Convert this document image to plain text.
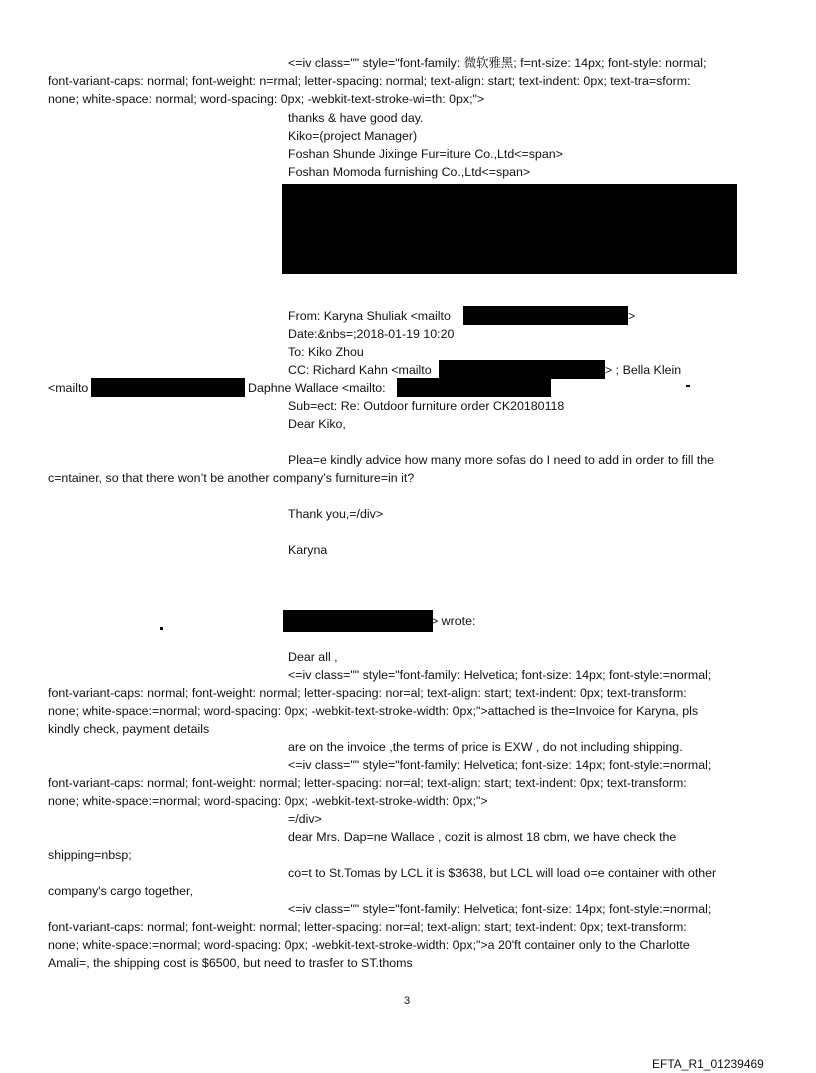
<=iv class="" style="font-family: 微软雅黑; f=nt-size: 14px; font-style: normal;
font-variant-caps: normal; font-weight: n=rmal; letter-spacing: normal; text-align: start; text-indent: 0px; text-tra=sform:
none; white-space: normal; word-spacing: 0px; -webkit-text-stroke-wi=th: 0px;">
thanks & have good day.
Kiko=(project Manager)
Foshan Shunde Jixinge Fur=iture Co.,Ltd<=span>
Foshan Momoda furnishing Co.,Ltd<=span>
From: Karyna Shuliak <mailto	>
Date:&nbs=;2018-01-19 10:20
To: Kiko Zhou
CC: Richard Kahn <mailto	> ; Bella Klein
<mailto	Daphne Wallace <mailto:
Sub=ect: Re: Outdoor furniture order CK20180118
Dear Kiko,
Plea=e kindly advice how many more sofas do I need to add in order to fill the
c=ntainer, so that there won’t be another company’s furniture=in it?
Thank you,=/div>
Karyna
> wrote:
Dear all ,
<=iv class="" style="font-family: Helvetica; font-size: 14px; font-style:=normal;
font-variant-caps: normal; font-weight: normal; letter-spacing: nor=al; text-align: start; text-indent: 0px; text-transform:
none; white-space:=normal; word-spacing: 0px; -webkit-text-stroke-width: 0px;">attached is the=Invoice for Karyna, pls
kindly check, payment details
are on the invoice ,the terms of price is EXW , do not including shipping.
<=iv class="" style="font-family: Helvetica; font-size: 14px; font-style:=normal;
font-variant-caps: normal; font-weight: normal; letter-spacing: nor=al; text-align: start; text-indent: 0px; text-transform:
none; white-space:=normal; word-spacing: 0px; -webkit-text-stroke-width: 0px;">
=/div>
dear Mrs. Dap=ne Wallace , cozit is almost 18 cbm, we have check the
shipping=nbsp;
co=t to St.Tomas by LCL it is $3638, but LCL will load o=e container with other
company's cargo together,
<=iv class="" style="font-family: Helvetica; font-size: 14px; font-style:=normal;
font-variant-caps: normal; font-weight: normal; letter-spacing: nor=al; text-align: start; text-indent: 0px; text-transform:
none; white-space:=normal; word-spacing: 0px; -webkit-text-stroke-width: 0px;">a 20'ft container only to the Charlotte
Amali=, the shipping cost is $6500, but need to trasfer to ST.thoms
3
EFTA_R1_01239469
